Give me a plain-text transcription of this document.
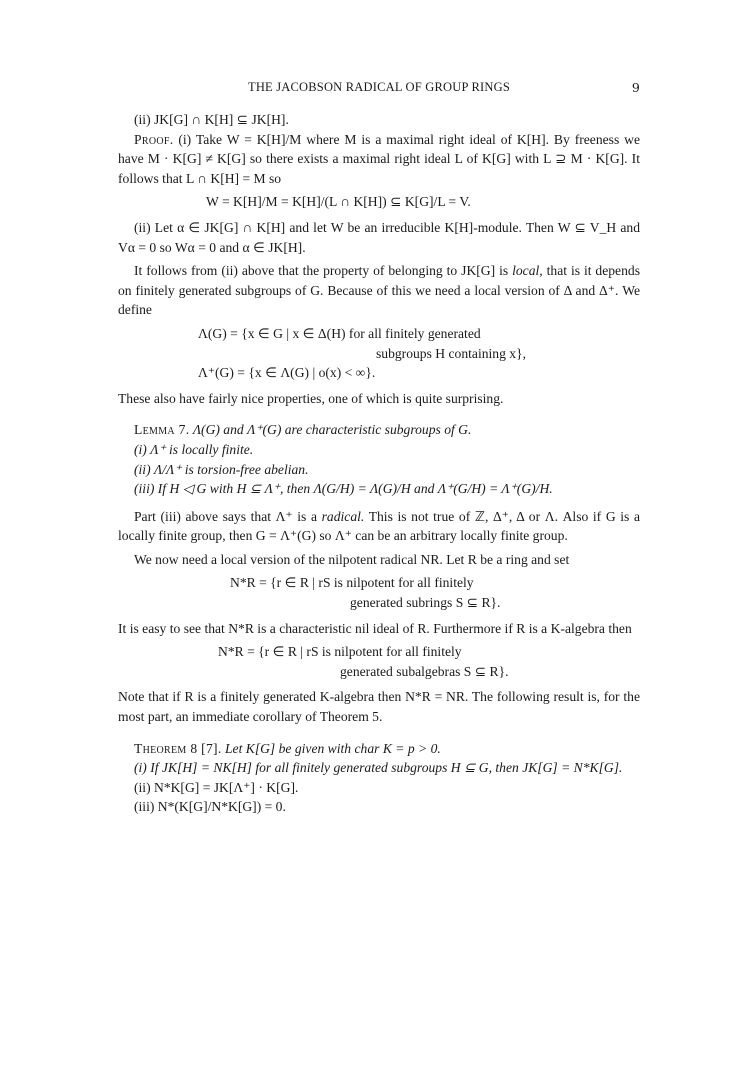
THE JACOBSON RADICAL OF GROUP RINGS	9

(ii) JK[G] ∩ K[H] ⊆ JK[H].

Proof. (i) Take W = K[H]/M where M is a maximal right ideal of K[H]. By freeness we have M · K[G] ≠ K[G] so there exists a maximal right ideal L of K[G] with L ⊇ M · K[G]. It follows that L ∩ K[H] = M so

W = K[H]/M = K[H]/(L ∩ K[H]) ⊆ K[G]/L = V.

(ii) Let α ∈ JK[G] ∩ K[H] and let W be an irreducible K[H]-module. Then W ⊆ V_H and Vα = 0 so Wα = 0 and α ∈ JK[H].

It follows from (ii) above that the property of belonging to JK[G] is local, that is it depends on finitely generated subgroups of G. Because of this we need a local version of Δ and Δ⁺. We define

Λ(G) = {x ∈ G | x ∈ Δ(H) for all finitely generated
subgroups H containing x},
Λ⁺(G) = {x ∈ Λ(G) | o(x) < ∞}.

These also have fairly nice properties, one of which is quite surprising.

Lemma 7. Λ(G) and Λ⁺(G) are characteristic subgroups of G.

(i) Λ⁺ is locally finite.

(ii) Λ/Λ⁺ is torsion-free abelian.

(iii) If H ◁ G with H ⊆ Λ⁺, then Λ(G/H) = Λ(G)/H and Λ⁺(G/H) = Λ⁺(G)/H.

Part (iii) above says that Λ⁺ is a radical. This is not true of ℤ, Δ⁺, Δ or Λ. Also if G is a locally finite group, then G = Λ⁺(G) so Λ⁺ can be an arbitrary locally finite group.

We now need a local version of the nilpotent radical NR. Let R be a ring and set

N*R = {r ∈ R | rS is nilpotent for all finitely
generated subrings S ⊆ R}.

It is easy to see that N*R is a characteristic nil ideal of R. Furthermore if R is a K-algebra then

N*R = {r ∈ R | rS is nilpotent for all finitely
generated subalgebras S ⊆ R}.

Note that if R is a finitely generated K-algebra then N*R = NR. The following result is, for the most part, an immediate corollary of Theorem 5.

Theorem 8 [7]. Let K[G] be given with char K = p > 0.

(i) If JK[H] = NK[H] for all finitely generated subgroups H ⊆ G, then JK[G] = N*K[G].

(ii) N*K[G] = JK[Λ⁺] · K[G].

(iii) N*(K[G]/N*K[G]) = 0.
